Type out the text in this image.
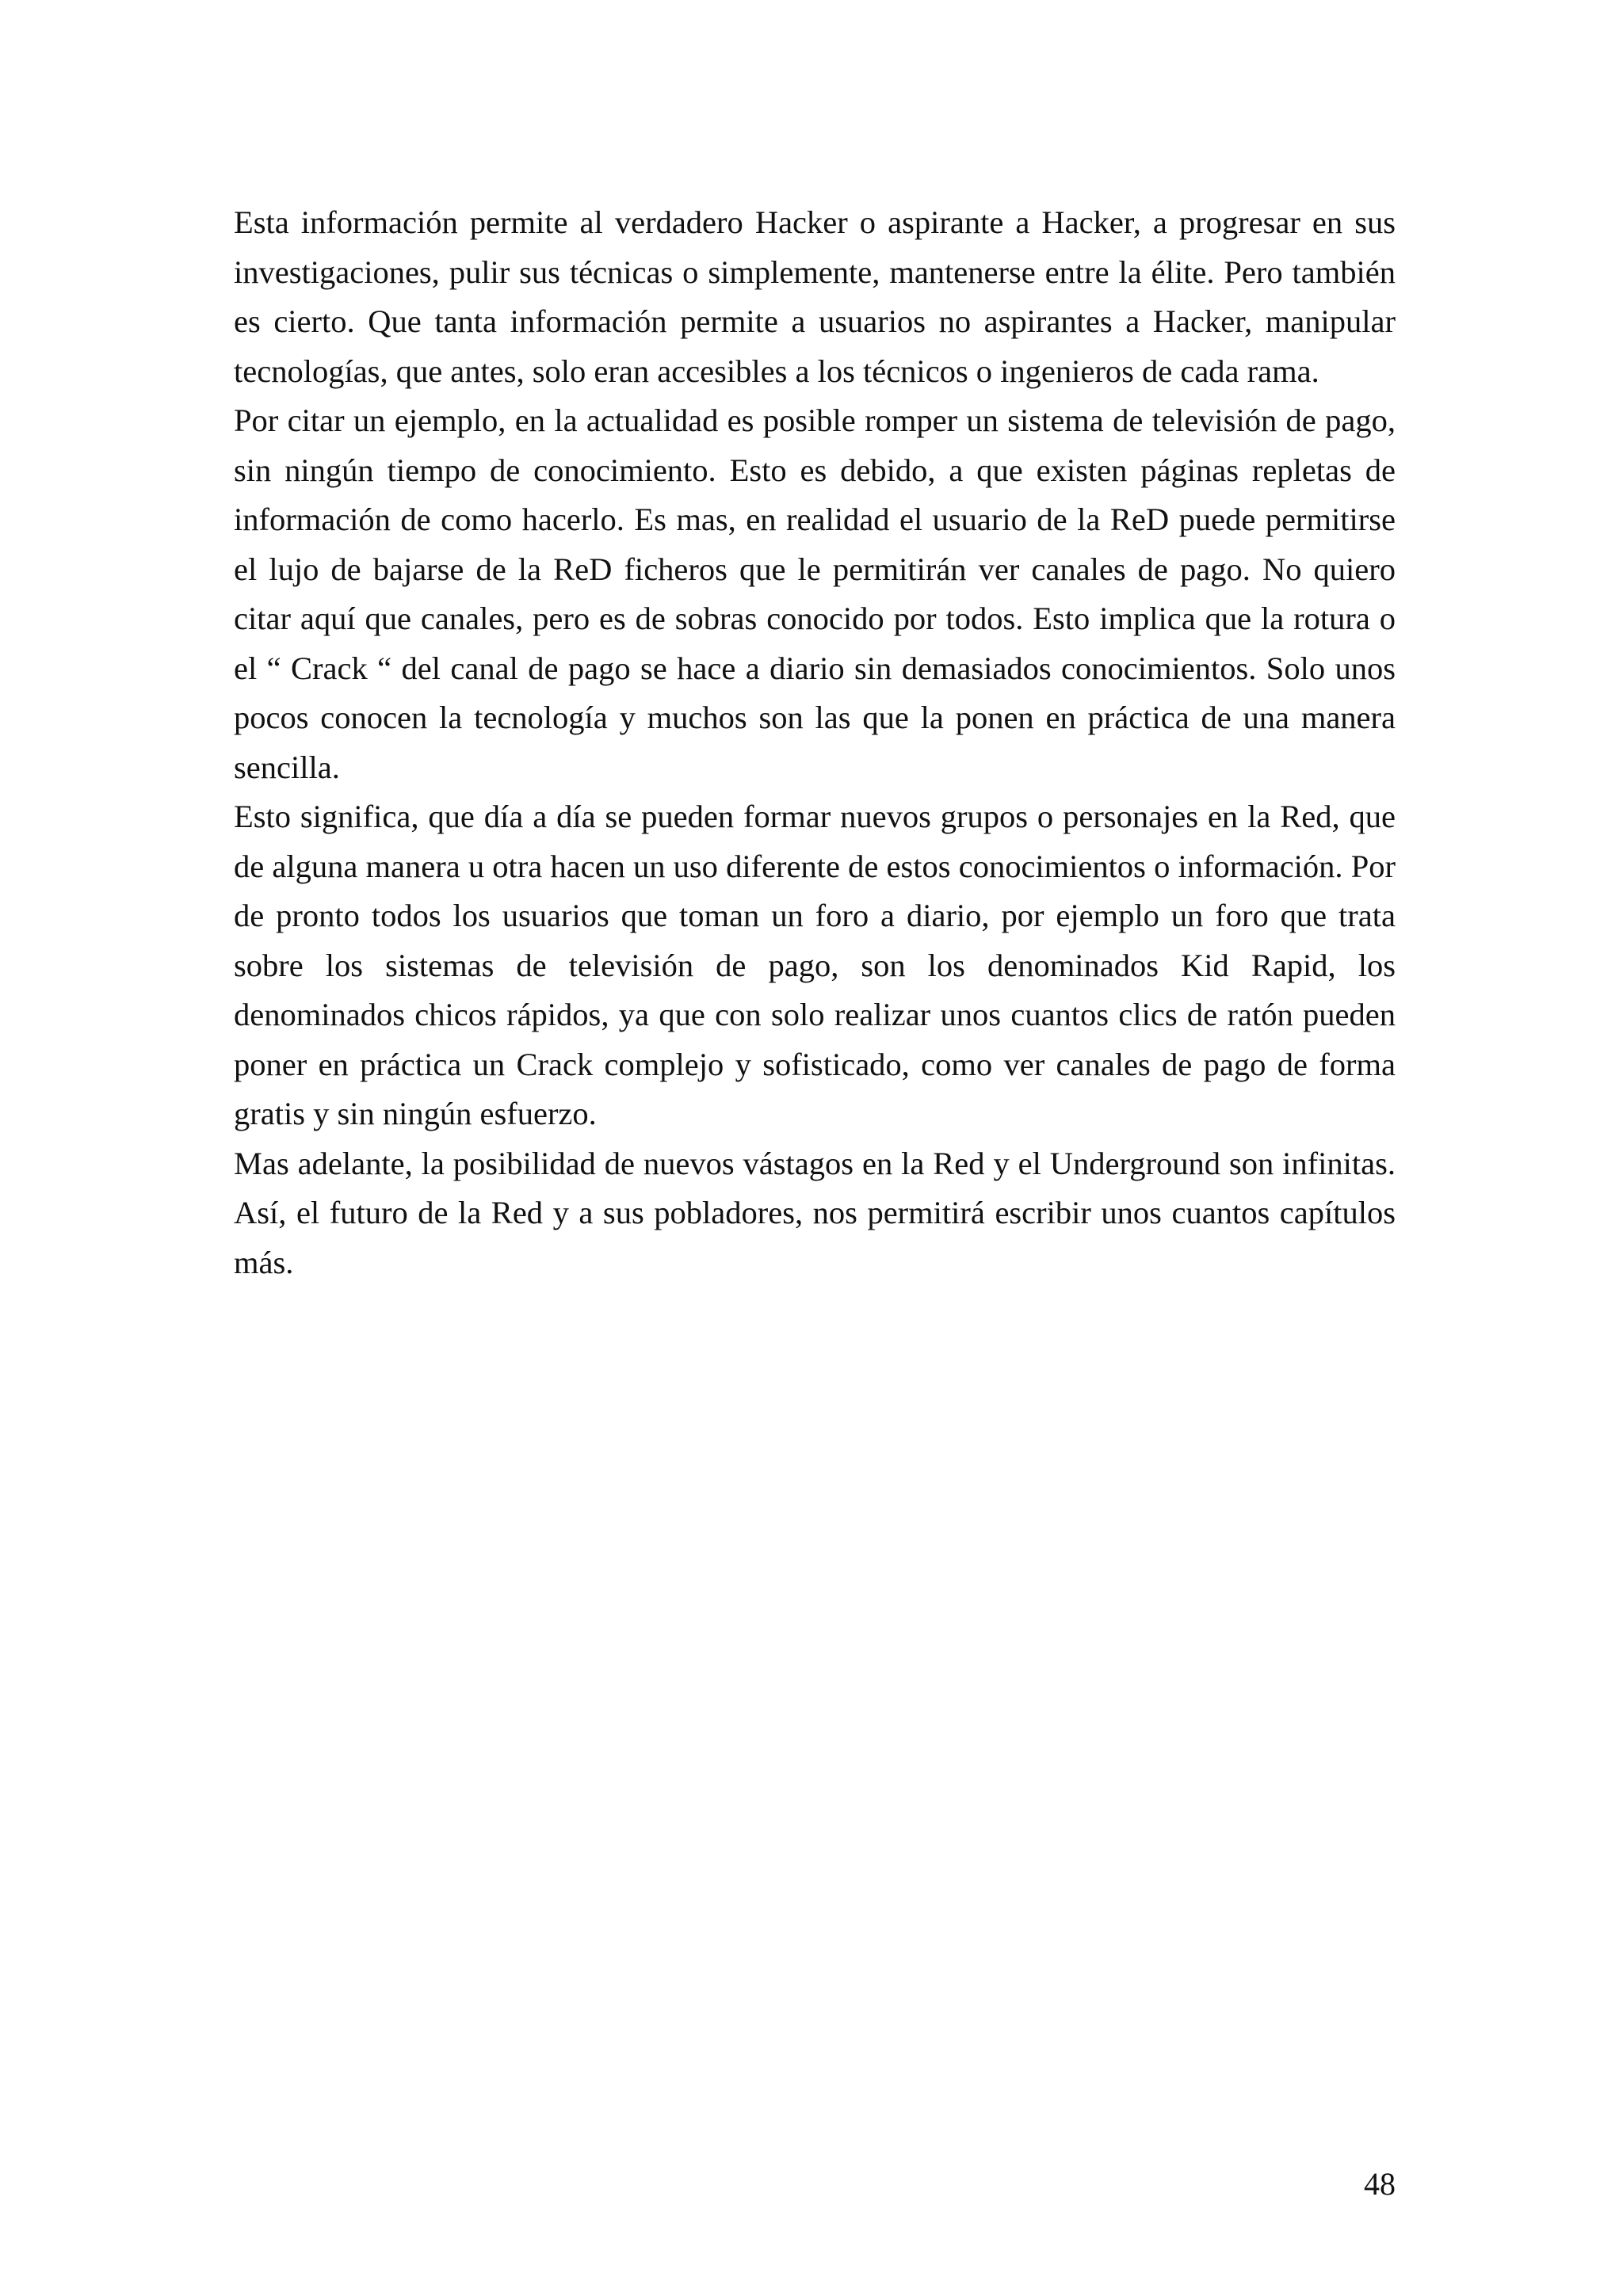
Esta información permite al verdadero Hacker o aspirante a Hacker, a progresar en sus investigaciones, pulir sus técnicas o simplemente, mantenerse entre la élite. Pero también es cierto. Que tanta información permite a usuarios no aspirantes a Hacker, manipular tecnologías, que antes, solo eran accesibles a los técnicos o ingenieros de cada rama.

Por citar un ejemplo, en la actualidad es posible romper un sistema de televisión de pago, sin ningún tiempo de conocimiento. Esto es debido, a que existen páginas repletas de información de como hacerlo. Es mas, en realidad el usuario de la ReD puede permitirse el lujo de bajarse de la ReD ficheros que le permitirán ver canales de pago. No quiero citar aquí que canales, pero es de sobras conocido por todos. Esto implica que la rotura o el “ Crack “ del canal de pago se hace a diario sin demasiados conocimientos. Solo unos pocos conocen la tecnología y muchos son las que la ponen en práctica de una manera sencilla.

Esto significa, que día a día se pueden formar nuevos grupos o personajes en la Red, que de alguna manera u otra hacen un uso diferente de estos conocimientos o información. Por de pronto todos los usuarios que toman un foro a diario, por ejemplo un foro que trata sobre los sistemas de televisión de pago, son los denominados Kid Rapid, los denominados chicos rápidos, ya que con solo realizar unos cuantos clics de ratón pueden poner en práctica un Crack complejo y sofisticado, como ver canales de pago de forma gratis y sin ningún esfuerzo.

Mas adelante, la posibilidad de nuevos vástagos en la Red y el Underground son infinitas. Así, el futuro de la Red y a sus pobladores, nos permitirá escribir unos cuantos capítulos más.

48
